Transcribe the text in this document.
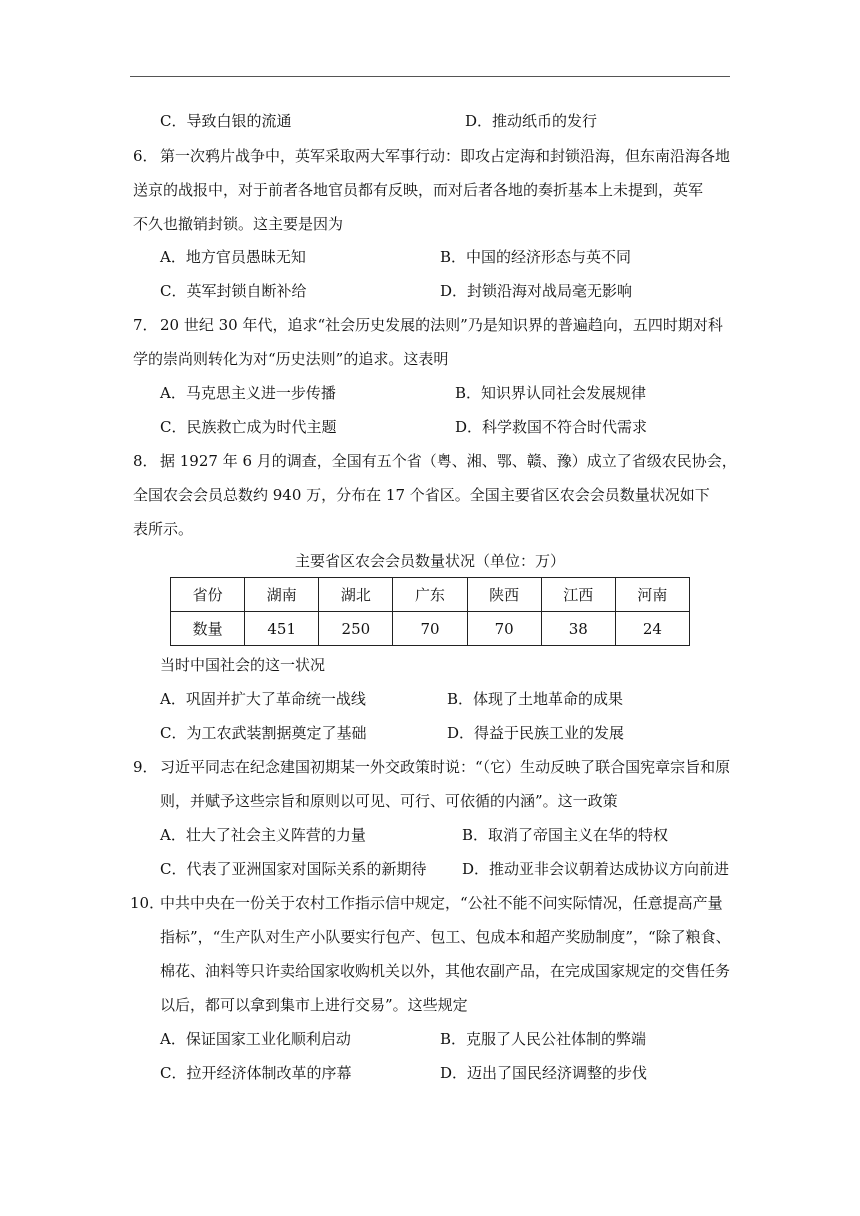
C．导致白银的流通	D．推动纸币的发行
6． 第一次鸦片战争中，英军采取两大军事行动：即攻占定海和封锁沿海，但东南沿海各地
送京的战报中，对于前者各地官员都有反映，而对后者各地的奏折基本上未提到，英军
不久也撤销封锁。这主要是因为
A．地方官员愚昧无知	B．中国的经济形态与英不同
C．英军封锁自断补给	D．封锁沿海对战局毫无影响
7． 20 世纪 30 年代，追求“社会历史发展的法则”乃是知识界的普遍趋向，五四时期对科
学的崇尚则转化为对“历史法则”的追求。这表明
A．马克思主义进一步传播	B．知识界认同社会发展规律
C．民族救亡成为时代主题	D．科学救国不符合时代需求
8． 据 1927 年 6 月的调查，全国有五个省（粤、湘、鄂、赣、豫）成立了省级农民协会，
全国农会会员总数约 940 万，分布在 17 个省区。全国主要省区农会会员数量状况如下
表所示。
主要省区农会会员数量状况（单位：万）
省份	湖南	湖北	广东	陕西	江西	河南
数量	451	250	70	70	38	24
当时中国社会的这一状况
A．巩固并扩大了革命统一战线	B．体现了土地革命的成果
C．为工农武装割据奠定了基础	D．得益于民族工业的发展
9． 习近平同志在纪念建国初期某一外交政策时说：“（它）生动反映了联合国宪章宗旨和原
则，并赋予这些宗旨和原则以可见、可行、可依循的内涵”。这一政策
A．壮大了社会主义阵营的力量	B．取消了帝国主义在华的特权
C．代表了亚洲国家对国际关系的新期待 D．推动亚非会议朝着达成协议方向前进
10．
中共中央在一份关于农村工作指示信中规定，“公社不能不问实际情况，任意提高产量
指标”，“生产队对生产小队要实行包产、包工、包成本和超产奖励制度”，“除了粮食、
棉花、油料等只许卖给国家收购机关以外，其他农副产品，在完成国家规定的交售任务
以后，都可以拿到集市上进行交易”。这些规定
A．保证国家工业化顺利启动	B．克服了人民公社体制的弊端
C．拉开经济体制改革的序幕	D．迈出了国民经济调整的步伐
